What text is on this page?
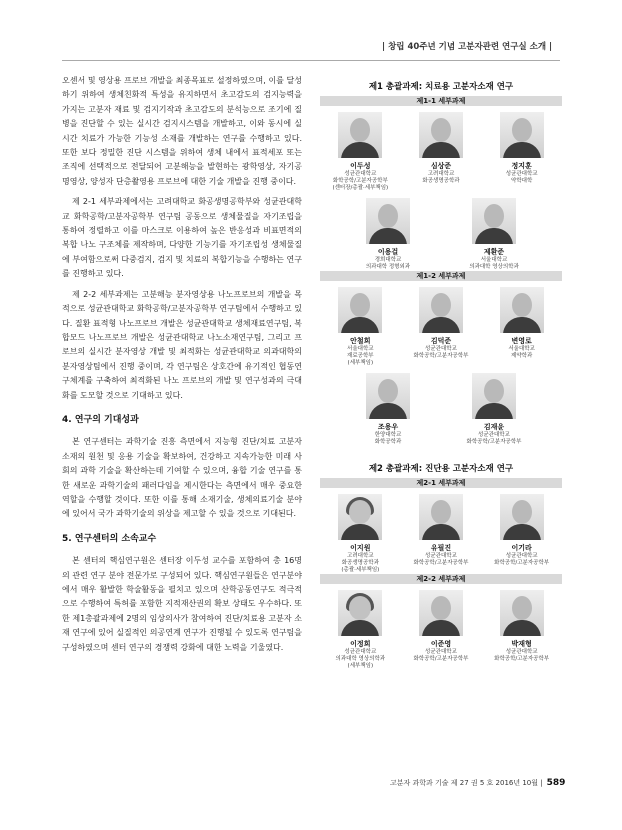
| 창립 40주년 기념 고분자관련 연구실 소개 |

오센서 및 영상용 프로브 개발을 최종목표로 설정하였으며, 이를 달성하기 위하여 생체친화적 특성을 유지하면서 초고감도의 검지능력을 가지는 고분자 재료 및 검지기작과 초고감도의 분석능으로 조기에 질병을 진단할 수 있는 실시간 검지시스템을 개발하고, 이와 동시에 실시간 치료가 가능한 기능성 소재를 개발하는 연구를 수행하고 있다. 또한 보다 정밀한 진단 시스템을 위하여 생체 내에서 표적세포 또는 조직에 선택적으로 전달되어 고분해능을 발현하는 광학영상, 자기공명영상, 양성자 단층촬영용 프로브에 대한 기술 개발을 진행 중이다.

제 2-1 세부과제에서는 고려대학교 화공생명공학부와 성균관대학교 화학공학/고분자공학부 연구팀 공동으로 생체물질을 자기조립을 통하여 정렬하고 이를 마스크로 이용하여 높은 반응성과 비표면적의 복합 나노 구조체를 제작하며, 다양한 기능기를 자기조립성 생체물질에 부여함으로써 다중검지, 검지 및 치료의 복합기능을 수행하는 연구를 진행하고 있다.

제 2-2 세부과제는 고분해능 분자영상용 나노프로브의 개발을 목적으로 성균관대학교 화학공학/고분자공학부 연구팀에서 수행하고 있다. 질환 표적형 나노프로브 개발은 성균관대학교 생체재료연구팀, 복합모드 나노프로브 개발은 성균관대학교 나노소재연구팀, 그리고 프로브의 실시간 분자영상 개발 및 최적화는 성균관대학교 의과대학의 분자영상팀에서 진행 중이며, 각 연구팀은 상호간에 유기적인 협동연구체계를 구축하여 최적화된 나노 프로브의 개발 및 연구성과의 극대화를 도모할 것으로 기대하고 있다.

4. 연구의 기대성과

본 연구센터는 과학기술 진흥 측면에서 지능형 진단/치료 고분자 소재의 원천 및 응용 기술을 확보하여, 건강하고 지속가능한 미래 사회의 과학 기술을 확산하는데 기여할 수 있으며, 융합 기술 연구를 통한 새로운 과학기술의 패러다임을 제시한다는 측면에서 매우 중요한 역할을 수행할 것이다. 또한 이를 통해 소재기술, 생체의료기술 분야에 있어서 국가 과학기술의 위상을 제고할 수 있을 것으로 기대된다.

5. 연구센터의 소속교수

본 센터의 핵심연구원은 센터장 이두성 교수를 포함하여 총 16명의 관련 연구 분야 전문가로 구성되어 있다. 핵심연구원들은 연구분야에서 매우 활발한 학술활동을 펼치고 있으며 산학공동연구도 적극적으로 수행하여 특허를 포함한 지적재산권의 확보 상태도 우수하다. 또한 제1총괄과제에 2명의 임상의사가 참여하여 진단/치료용 고분자 소재 연구에 있어 실질적인 의공연계 연구가 진행될 수 있도록 연구팀을 구성하였으며 센터 연구의 경쟁력 강화에 대한 노력을 기울였다.

제1 총괄과제: 치료용 고분자소재 연구
제1-1 세부과제
이두성
성균관대학교
화학공학/고분자공학부
(센터장/총괄·세부책임)
심상준
고려대학교
화공생명공학과
정지훈
성균관대학교
약학대학
이용걸
경희대학교
의과대학 정형외과
제환준
서울대학교
의과대학 영상의학과
제1-2 세부과제
안철희
서울대학교
재료공학부
(세부책임)
김덕준
성균관대학교
화학공학/고분자공학부
변영로
서울대학교
제약학과
조용우
한양대학교
화학공학과
김재윤
성균관대학교
화학공학/고분자공학부
제2 총괄과제: 진단용 고분자소재 연구
제2-1 세부과제
이지원
고려대학교
화공생명공학과
(총괄·세부책임)
유필진
성균관대학교
화학공학/고분자공학부
이기라
성균관대학교
화학공학/고분자공학부
제2-2 세부과제
이정희
성균관대학교
의과대학 영상의학과
(세부책임)
이준영
성균관대학교
화학공학/고분자공학부
박재형
성균관대학교
화학공학/고분자공학부
고분자 과학과 기술 제 27 권 5 호 2016년 10월 | 589
